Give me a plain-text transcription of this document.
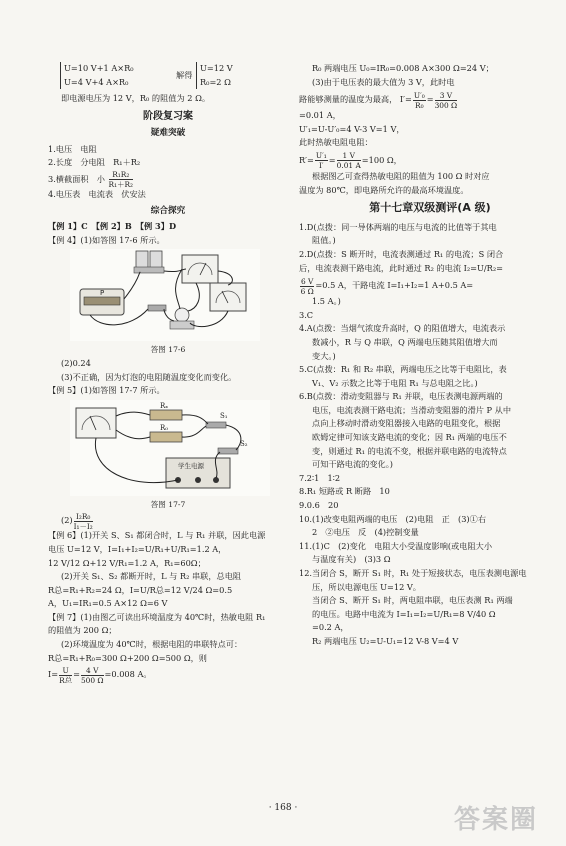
U=10 V+1 A×R₀
U=4 V+4 A×R₀
解得
U=12 V
R₀=2 Ω
即电源电压为 12 V，R₀ 的阻值为 2 Ω。
阶段复习案
疑难突破
1.电压　电阻
2.长度　分电阻　R₁＋R₂
3.横截面积　小 $\frac{\text{R₁R₂}}{\text{R₁＋R₂}}$
4.电压表　电流表　伏安法
综合探究
【例 1】C　【例 2】B　【例 3】D
【例 4】(1)如答图 17-6 所示。
P
答图 17-6
(2)0.24
(3)不正确，因为灯泡的电阻随温度变化而变化。
【例 5】(1)如答图 17-7 所示。
Rₓ
R₀
S₁
S₂
学生电源
答图 17-7
$(2) \frac{\text{I₂R₀}}{\text{I₁－I₂}}$
【例 6】(1)开关 S、S₁ 都闭合时，L 与 R₁ 并联，因此电源
电压 U=12 V，I=I₁+I₂=U/R₁+U/R₁=1.2 A，
12 V/12 Ω+12 V/R₁=1.2 A，R₁=60Ω；
(2)开关 S₁、S₂ 都断开时，L 与 R₂ 串联，总电阻
R总=R₁+R₂=24 Ω，I=U/R总=12 V/24 Ω=0.5
A，U₁=IR₁=0.5 A×12 Ω=6 V
【例 7】(1)由图乙可读出环境温度为 40℃时，热敏电阻 R₁
的阻值为 200 Ω；
(2)环境温度为 40℃时，根据电阻的串联特点可：
R总=R₁+R₀=300 Ω+200 Ω=500 Ω，则
$I= \frac{U}{\text{R总}} = \frac{4 V}{500 \Omega} =0.008$ A。
R₀ 两端电压 U₀=IR₀=0.008 A×300 Ω=24 V；
(3)由于电压表的最大值为 3 V，此时电
路能够测量的温度为最高， $I'= \frac{\text{U′₀}}{\text{R₀}} = \frac{3 V}{300 \Omega}$
=0.01 A，
U′₁=U-U′₀=4 V-3 V=1 V，
此时热敏电阻电阻：
$R'= \frac{\text{U′₁}}{I'} = \frac{1 V}{0.01 A} =100$ Ω，
根据图乙可查得热敏电阻的阻值为 100 Ω 时对应
温度为 80℃，即电路所允许的最高环境温度。
第十七章双级测评(A 级)
1.D(点拨：同一导体两端的电压与电流的比值等于其电
阻值。)
2.D(点拨：S 断开时，电流表测通过 R₁ 的电流；S 闭合
后，电流表测干路电流，此时通过 R₂ 的电流 I₂=U/R₂=
$\frac{6 V}{6 \Omega} =0.5$ A，干路电流 I=I₁+I₂=1 A+0.5 A=
1.5 A。)
3.C
4.A(点拨：当烟气浓度升高时，Q 的阻值增大，电流表示
数减小，R 与 Q 串联，Q 两端电压随其阻值增大而
变大。)
5.C(点拨：R₁ 和 R₂ 串联，两端电压之比等于电阻比，表
V₁、V₂ 示数之比等于电阻 R₁ 与总电阻之比。)
6.B(点拨：滑动变阻器与 R₁ 并联，电压表测电源两端的
电压，电流表测干路电流；当滑动变阻器的滑片 P 从中
点向上移动时滑动变阻器接入电路的电阻变化，根据
欧姆定律可知该支路电流的变化；因 R₁ 两端的电压不
变，则通过 R₁ 的电流不变，根据并联电路的电流特点
可知干路电流的变化。)
7.2∶1　1∶2
8.R₁ 短路或 R 断路　10
9.0.6　20
10.(1)改变电阻两端的电压　(2)电阻　正　(3)①右
2　②电压　反　(4)控制变量
11.(1)C　(2)变化　电阻大小受温度影响(或电阻大小
与温度有关)　(3)3 Ω
12.当闭合 S，断开 S₁ 时，R₁ 处于短接状态，电压表测电源电
压，所以电源电压 U=12 V。
当闭合 S、断开 S₁ 时，两电阻串联，电压表测 R₁ 两端
的电压。电路中电流为 I=I₁=I₂=U/R₁=8 V/40 Ω
=0.2 A，
R₂ 两端电压 U₂=U-U₁=12 V-8 V=4 V
· 168 ·	答案圈
